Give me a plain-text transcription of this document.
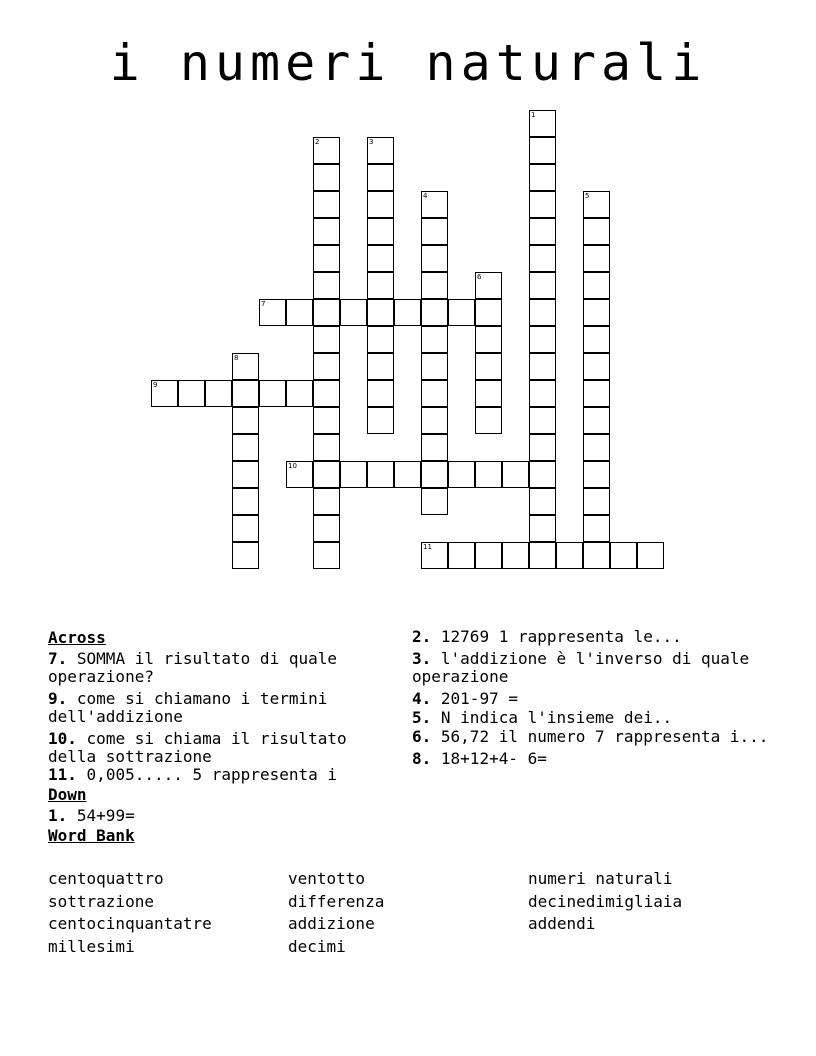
i numeri naturali
1
2	3
4	5
6
7
8
9
10
11
Across
7. SOMMA il risultato di quale operazione?
9. come si chiamano i termini dell'addizione
10. come si chiama il risultato della sottrazione
11. 0,005..... 5 rappresenta i
Down
1. 54+99=
Word Bank
2. 12769 1 rappresenta le...
3. l'addizione è l'inverso di quale operazione
4. 201-97 =
5. N indica l'insieme dei..
6. 56,72 il numero 7 rappresenta i...
8. 18+12+4- 6=
centoquattro	ventotto	numeri naturali
sottrazione	differenza	decinedimigliaia
centocinquantatre	addizione	addendi
millesimi	decimi
